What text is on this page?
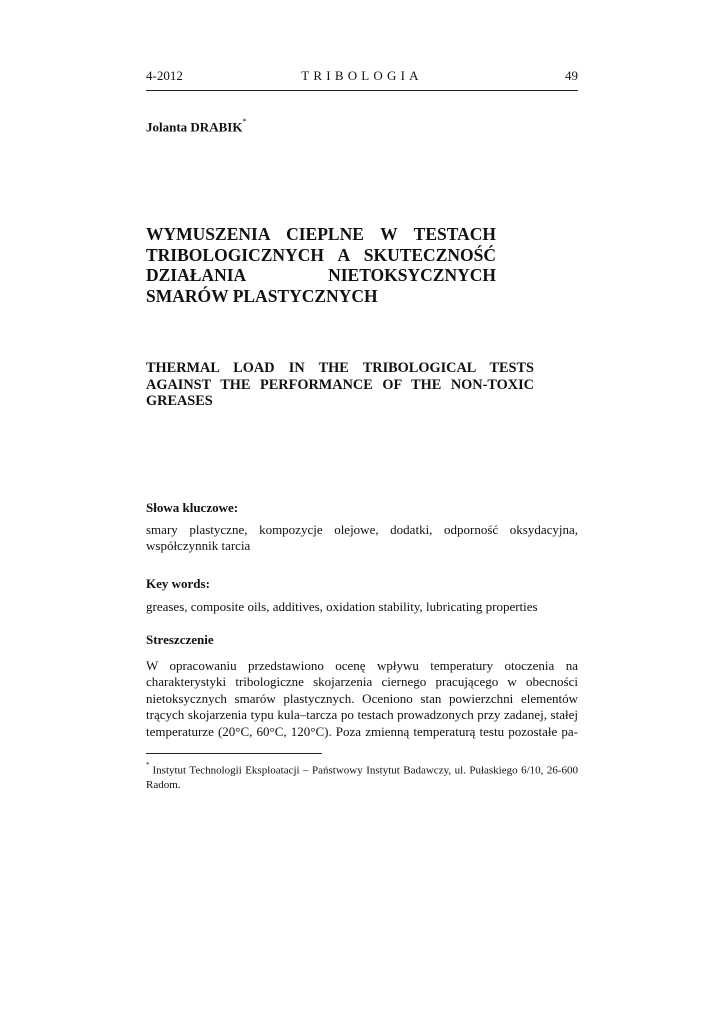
4-2012	TRIBOLOGIA	49
Jolanta DRABIK*
WYMUSZENIA CIEPLNE W TESTACH TRIBOLOGICZNYCH A SKUTECZNOŚĆ DZIAŁANIA NIETOKSYCZNYCH SMARÓW PLASTYCZNYCH
THERMAL LOAD IN THE TRIBOLOGICAL TESTS AGAINST THE PERFORMANCE OF THE NON-TOXIC GREASES
Słowa kluczowe:
smary plastyczne, kompozycje olejowe, dodatki, odporność oksydacyjna, współczynnik tarcia
Key words:
greases, composite oils, additives, oxidation stability, lubricating properties
Streszczenie
W opracowaniu przedstawiono ocenę wpływu temperatury otoczenia na charakterystyki tribologiczne skojarzenia ciernego pracującego w obecności nietoksycznych smarów plastycznych. Oceniono stan powierzchni elementów trących skojarzenia typu kula–tarcza po testach prowadzonych przy zadanej, stałej temperaturze (20°C, 60°C, 120°C). Poza zmienną temperaturą testu pozostałe pa-
* Instytut Technologii Eksploatacji – Państwowy Instytut Badawczy, ul. Pułaskiego 6/10, 26-600 Radom.
